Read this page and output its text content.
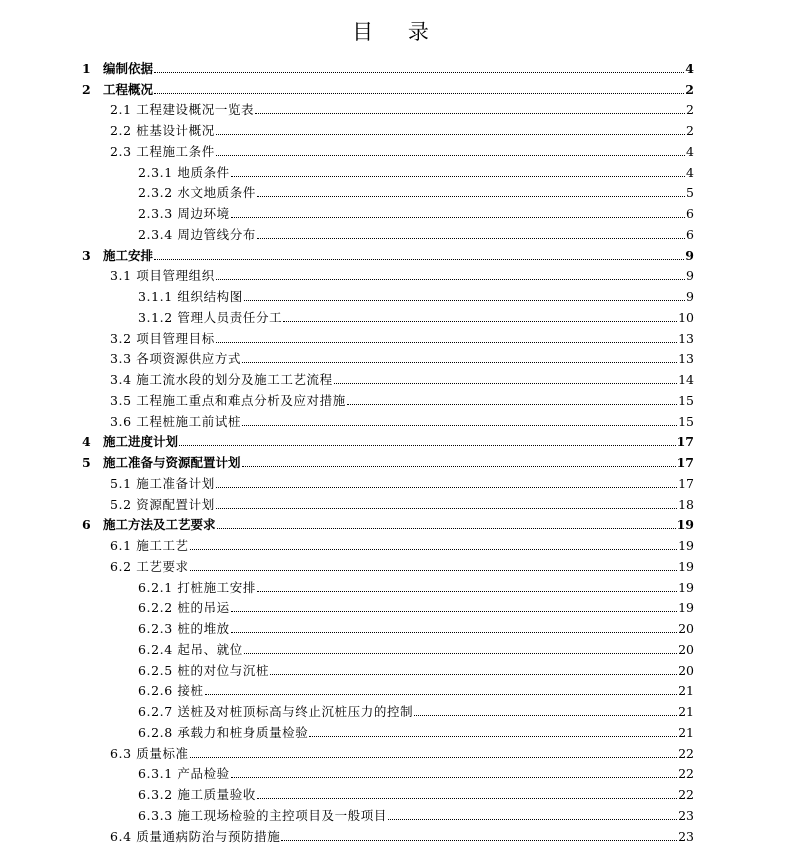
目 录
1 编制依据	4
2 工程概况	2
2.1 工程建设概况一览表	2
2.2 桩基设计概况	2
2.3 工程施工条件	4
2.3.1 地质条件	4
2.3.2 水文地质条件	5
2.3.3 周边环境	6
2.3.4 周边管线分布	6
3 施工安排	9
3.1 项目管理组织	9
3.1.1 组织结构图	9
3.1.2 管理人员责任分工	10
3.2 项目管理目标	13
3.3 各项资源供应方式	13
3.4 施工流水段的划分及施工工艺流程	14
3.5 工程施工重点和难点分析及应对措施	15
3.6 工程桩施工前试桩	15
4 施工进度计划	17
5 施工准备与资源配置计划	17
5.1 施工准备计划	17
5.2 资源配置计划	18
6 施工方法及工艺要求	19
6.1 施工工艺	19
6.2 工艺要求	19
6.2.1 打桩施工安排	19
6.2.2 桩的吊运	19
6.2.3 桩的堆放	20
6.2.4 起吊、就位	20
6.2.5 桩的对位与沉桩	20
6.2.6 接桩	21
6.2.7 送桩及对桩顶标高与终止沉桩压力的控制	21
6.2.8 承载力和桩身质量检验	21
6.3 质量标准	22
6.3.1 产品检验	22
6.3.2 施工质量验收	22
6.3.3 施工现场检验的主控项目及一般项目	23
6.4 质量通病防治与预防措施	23
